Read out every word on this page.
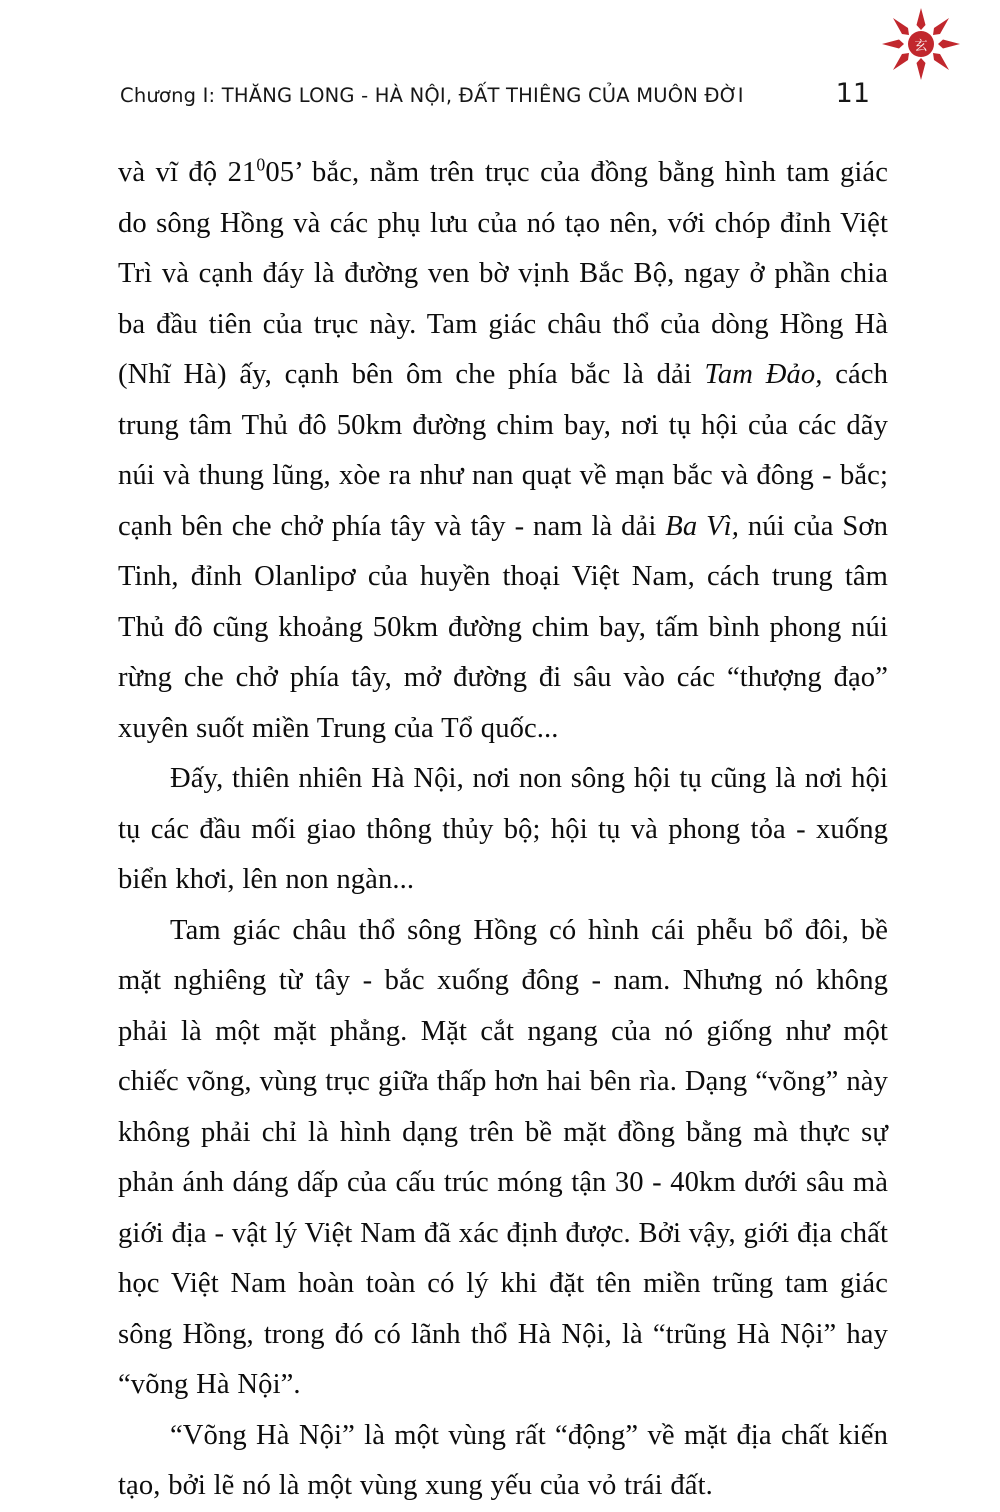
玄
Chương I: THĂNG LONG - HÀ NỘI, ĐẤT THIÊNG CỦA MUÔN ĐỜI	11

và vĩ độ $21^005$’ bắc, nằm trên trục của đồng bằng hình tam giác do sông Hồng và các phụ lưu của nó tạo nên, với chóp đỉnh Việt Trì và cạnh đáy là đường ven bờ vịnh Bắc Bộ, ngay ở phần chia ba đầu tiên của trục này. Tam giác châu thổ của dòng Hồng Hà (Nhĩ Hà) ấy, cạnh bên ôm che phía bắc là dải Tam Đảo, cách trung tâm Thủ đô 50km đường chim bay, nơi tụ hội của các dãy núi và thung lũng, xòe ra như nan quạt về mạn bắc và đông - bắc; cạnh bên che chở phía tây và tây - nam là dải Ba Vì, núi của Sơn Tinh, đỉnh Olanlipơ của huyền thoại Việt Nam, cách trung tâm Thủ đô cũng khoảng 50km đường chim bay, tấm bình phong núi rừng che chở phía tây, mở đường đi sâu vào các “thượng đạo” xuyên suốt miền Trung của Tổ quốc...

Đấy, thiên nhiên Hà Nội, nơi non sông hội tụ cũng là nơi hội tụ các đầu mối giao thông thủy bộ; hội tụ và phong tỏa - xuống biển khơi, lên non ngàn...

Tam giác châu thổ sông Hồng có hình cái phễu bổ đôi, bề mặt nghiêng từ tây - bắc xuống đông - nam. Nhưng nó không phải là một mặt phẳng. Mặt cắt ngang của nó giống như một chiếc võng, vùng trục giữa thấp hơn hai bên rìa. Dạng “võng” này không phải chỉ là hình dạng trên bề mặt đồng bằng mà thực sự phản ánh dáng dấp của cấu trúc móng tận 30 - 40km dưới sâu mà giới địa - vật lý Việt Nam đã xác định được. Bởi vậy, giới địa chất học Việt Nam hoàn toàn có lý khi đặt tên miền trũng tam giác sông Hồng, trong đó có lãnh thổ Hà Nội, là “trũng Hà Nội” hay “võng Hà Nội”.

“Võng Hà Nội” là một vùng rất “động” về mặt địa chất kiến tạo, bởi lẽ nó là một vùng xung yếu của vỏ trái đất.
